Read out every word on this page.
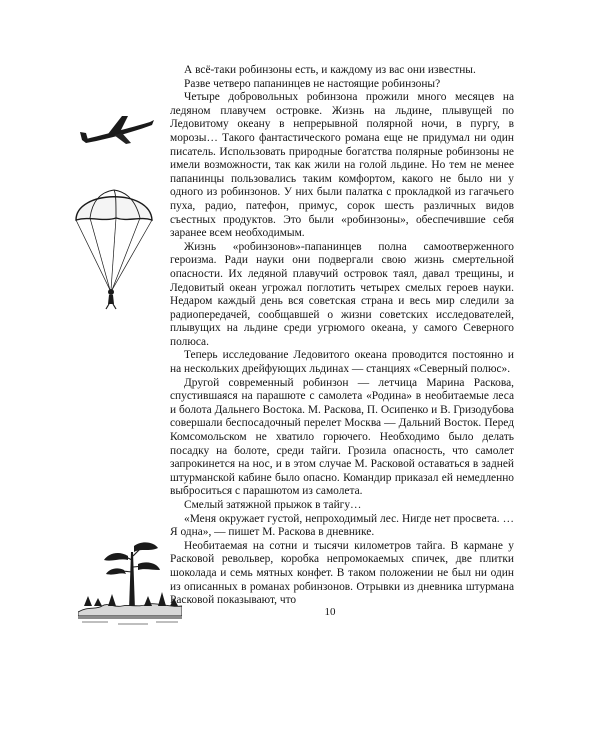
А всё-таки робинзоны есть, и каждому из вас они известны.

Разве четверо папанинцев не настоящие робинзоны?

Четыре добровольных робинзона прожили много месяцев на ледяном плавучем островке. Жизнь на льдине, плывущей по Ледовитому океану в непрерывной полярной ночи, в пургу, в морозы… Такого фантастического романа еще не придумал ни один писатель. Использовать природные богатства полярные робинзоны не имели возможности, так как жили на голой льдине. Но тем не менее папанинцы пользовались таким комфортом, какого не было ни у одного из робинзонов. У них были палатка с прокладкой из гагачьего пуха, радио, патефон, примус, сорок шесть различных видов съестных продуктов. Это были «робинзоны», обеспечившие себя заранее всем необходимым.

Жизнь «робинзонов»-папанинцев полна самоотверженного героизма. Ради науки они подвергали свою жизнь смертельной опасности. Их ледяной плавучий островок таял, давал трещины, и Ледовитый океан угрожал поглотить четырех смелых героев науки. Недаром каждый день вся советская страна и весь мир следили за радиопередачей, сообщавшей о жизни советских исследователей, плывущих на льдине среди угрюмого океана, у самого Северного полюса.

Теперь исследование Ледовитого океана проводится постоянно и на нескольких дрейфующих льдинах — станциях «Северный полюс».

Другой современный робинзон — летчица Марина Раскова, спустившаяся на парашюте с самолета «Родина» в необитаемые леса и болота Дальнего Востока. М. Раскова, П. Осипенко и В. Гризодубова совершали беспосадочный перелет Москва — Дальний Восток. Перед Комсомольском не хватило горючего. Необходимо было делать посадку на болоте, среди тайги. Грозила опасность, что самолет запрокинется на нос, и в этом случае М. Расковой оставаться в задней штурманской кабине было опасно. Командир приказал ей немедленно выброситься с парашютом из самолета.

Смелый затяжной прыжок в тайгу…

«Меня окружает густой, непроходимый лес. Нигде нет просвета. …Я одна», — пишет М. Раскова в дневнике.

Необитаемая на сотни и тысячи километров тайга. В кармане у Расковой револьвер, коробка непромокаемых спичек, две плитки шоколада и семь мятных конфет. В таком положении не был ни один из описанных в романах робинзонов. Отрывки из дневника штурмана Расковой показывают, что

10
